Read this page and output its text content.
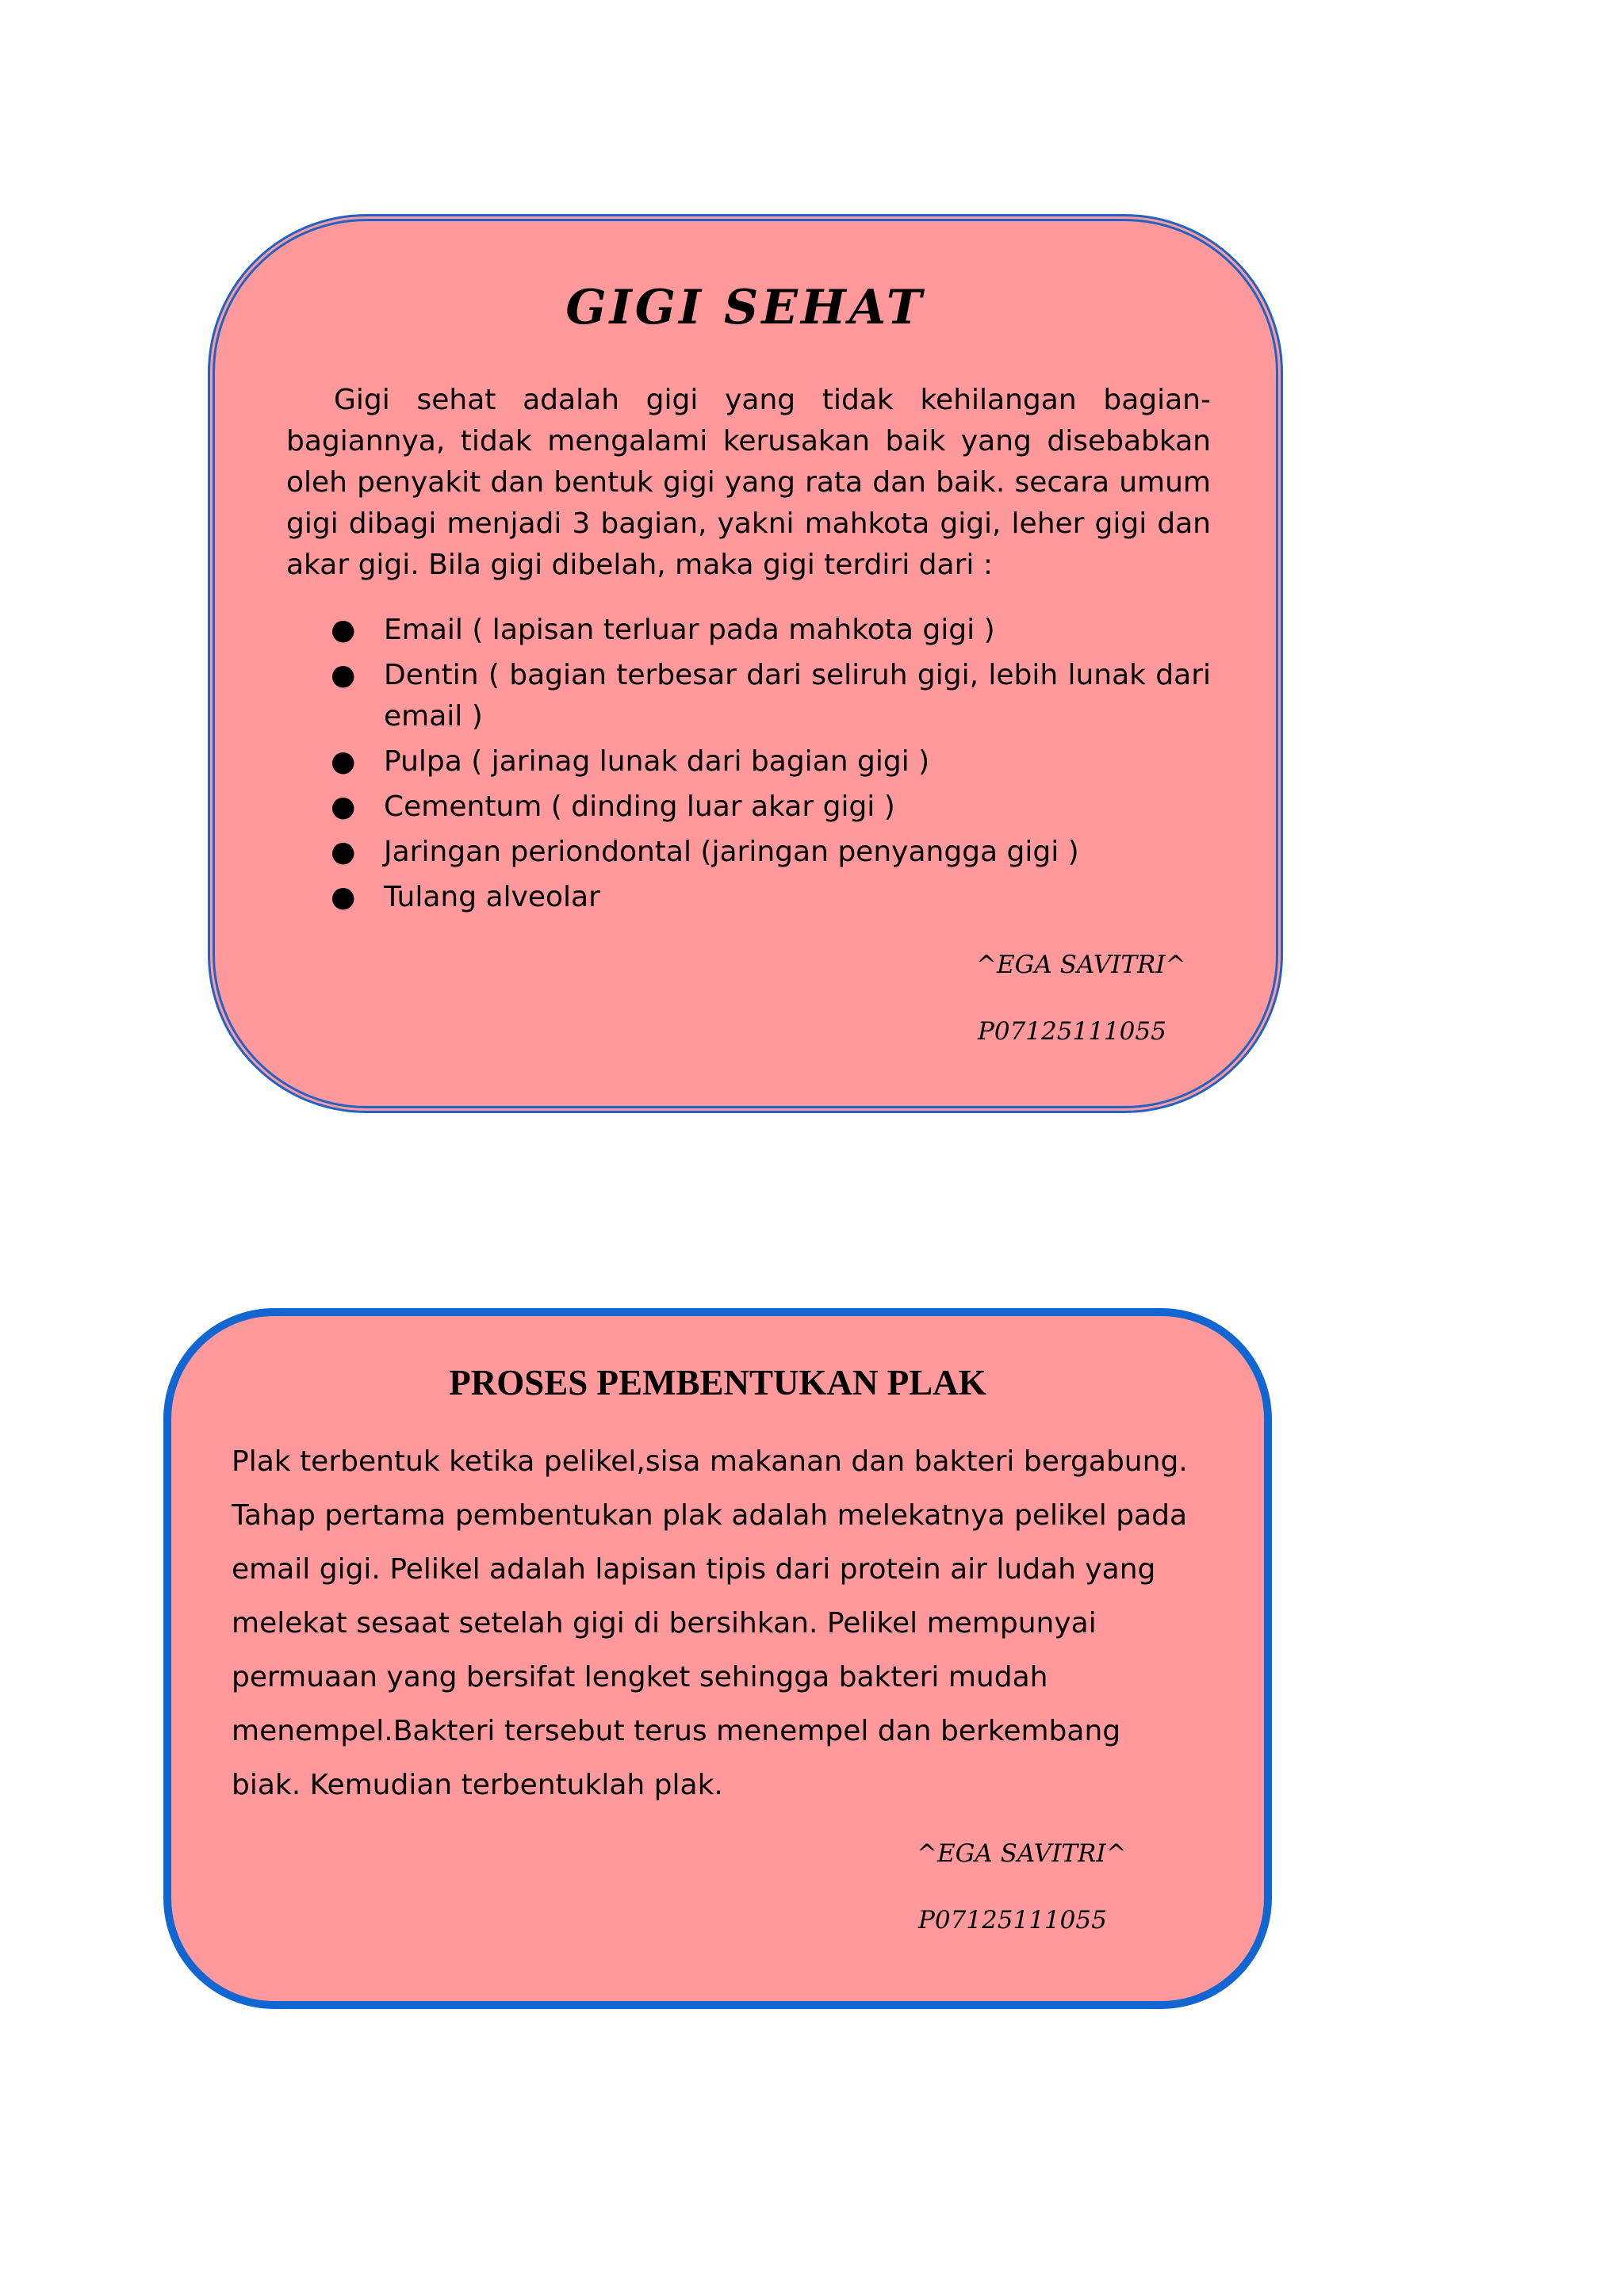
GIGI SEHAT

Gigi sehat adalah gigi yang tidak kehilangan bagian-bagiannya, tidak mengalami kerusakan baik yang disebabkan oleh penyakit dan bentuk gigi yang rata dan baik. secara umum gigi dibagi menjadi 3 bagian, yakni mahkota gigi, leher gigi dan akar gigi. Bila gigi dibelah, maka gigi terdiri dari :

● Email ( lapisan terluar pada mahkota gigi )
● Dentin ( bagian terbesar dari seliruh gigi, lebih lunak dari email )
● Pulpa ( jarinag lunak dari bagian gigi )
● Cementum ( dinding luar akar gigi )
● Jaringan periondontal (jaringan penyangga gigi )
● Tulang alveolar
^EGA SAVITRI^
P07125111055
PROSES PEMBENTUKAN PLAK

Plak terbentuk ketika pelikel,sisa makanan dan bakteri bergabung. Tahap pertama pembentukan plak adalah melekatnya pelikel pada email gigi. Pelikel adalah lapisan tipis dari protein air ludah yang melekat sesaat setelah gigi di bersihkan. Pelikel mempunyai permuaan yang bersifat lengket sehingga bakteri mudah menempel.Bakteri tersebut terus menempel dan berkembang biak. Kemudian terbentuklah plak.

^EGA SAVITRI^
P07125111055
